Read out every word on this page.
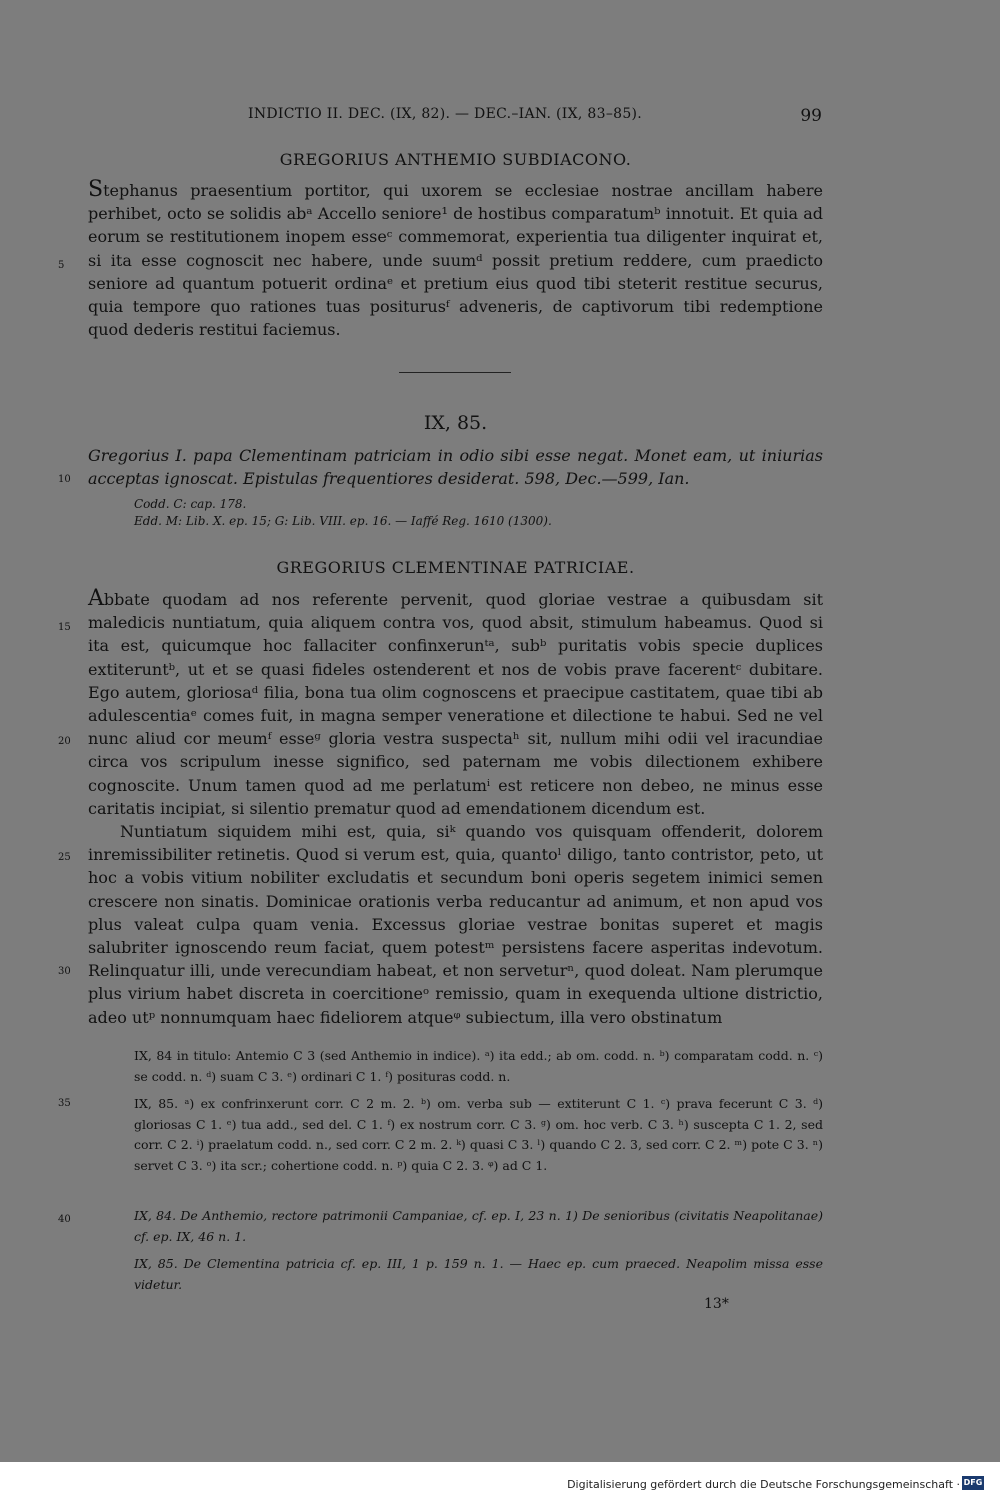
INDICTIO II. DEC. (IX, 82). — DEC.–IAN. (IX, 83–85).	99
GREGORIUS ANTHEMIO SUBDIACONO.

Stephanus praesentium portitor, qui uxorem se ecclesiae nostrae ancillam habere perhibet, octo se solidis abᵃ Accello seniore¹ de hostibus comparatumᵇ innotuit. Et quia ad eorum se restitutionem inopem esseᶜ commemorat, experientia tua diligenter inquirat et, si ita esse cognoscit nec habere, unde suumᵈ possit pretium reddere, cum praedicto seniore ad quantum potuerit ordinaᵉ et pretium eius quod tibi steterit restitue securus, quia tempore quo rationes tuas positurusᶠ adveneris, de captivorum tibi redemptione quod dederis restitui faciemus.

IX, 85.
Gregorius I. papa Clementinam patriciam in odio sibi esse negat. Monet eam, ut iniurias acceptas ignoscat. Epistulas frequentiores desiderat. 598, Dec.—599, Ian.
Codd. C: cap. 178.
Edd. M: Lib. X. ep. 15; G: Lib. VIII. ep. 16. — Iaffé Reg. 1610 (1300).
GREGORIUS CLEMENTINAE PATRICIAE.

Abbate quodam ad nos referente pervenit, quod gloriae vestrae a quibusdam sit maledicis nuntiatum, quia aliquem contra vos, quod absit, stimulum habeamus. Quod si ita est, quicumque hoc fallaciter confinxerunᵗᵃ, subᵇ puritatis vobis specie duplices extiteruntᵇ, ut et se quasi fideles ostenderent et nos de vobis prave facerentᶜ dubitare. Ego autem, gloriosaᵈ filia, bona tua olim cognoscens et praecipue castitatem, quae tibi ab adulescentiaᵉ comes fuit, in magna semper veneratione et dilectione te habui. Sed ne vel nunc aliud cor meumᶠ esseᵍ gloria vestra suspectaʰ sit, nullum mihi odii vel iracundiae circa vos scripulum inesse significo, sed paternam me vobis dilectionem exhibere cognoscite. Unum tamen quod ad me perlatumⁱ est reticere non debeo, ne minus esse caritatis incipiat, si silentio prematur quod ad emendationem dicendum est.

Nuntiatum siquidem mihi est, quia, siᵏ quando vos quisquam offenderit, dolorem inremissibiliter retinetis. Quod si verum est, quia, quantoˡ diligo, tanto contristor, peto, ut hoc a vobis vitium nobiliter excludatis et secundum boni operis segetem inimici semen crescere non sinatis. Dominicae orationis verba reducantur ad animum, et non apud vos plus valeat culpa quam venia. Excessus gloriae vestrae bonitas superet et magis salubriter ignoscendo reum faciat, quem potestᵐ persistens facere asperitas indevotum. Relinquatur illi, unde verecundiam habeat, et non serveturⁿ, quod doleat. Nam plerumque plus virium habet discreta in coercitioneᵒ remissio, quam in exequenda ultione districtio, adeo utᵖ nonnumquam haec fideliorem atqueᵠ subiectum, illa vero obstinatum

IX, 84 in titulo: Antemio C 3 (sed Anthemio in indice). ᵃ) ita edd.; ab om. codd. n. ᵇ) comparatam codd. n. ᶜ) se codd. n. ᵈ) suam C 3. ᵉ) ordinari C 1. ᶠ) posituras codd. n.
IX, 85. ᵃ) ex confrinxerunt corr. C 2 m. 2. ᵇ) om. verba sub — extiterunt C 1. ᶜ) prava fecerunt C 3. ᵈ) gloriosas C 1. ᵉ) tua add., sed del. C 1. ᶠ) ex nostrum corr. C 3. ᵍ) om. hoc verb. C 3. ʰ) suscepta C 1. 2, sed corr. C 2. ⁱ) praelatum codd. n., sed corr. C 2 m. 2. ᵏ) quasi C 3. ˡ) quando C 2. 3, sed corr. C 2. ᵐ) pote C 3. ⁿ) servet C 3. ᵒ) ita scr.; cohertione codd. n. ᵖ) quia C 2. 3. ᵠ) ad C 1.
IX, 84. De Anthemio, rectore patrimonii Campaniae, cf. ep. I, 23 n. 1) De senioribus (civitatis Neapolitanae) cf. ep. IX, 46 n. 1.
IX, 85. De Clementina patricia cf. ep. III, 1 p. 159 n. 1. — Haec ep. cum praeced. Neapolim missa esse videtur.
5
10
15
20
25
30
35
40
13*
Digitalisierung gefördert durch die Deutsche Forschungsgemeinschaft · DFG
